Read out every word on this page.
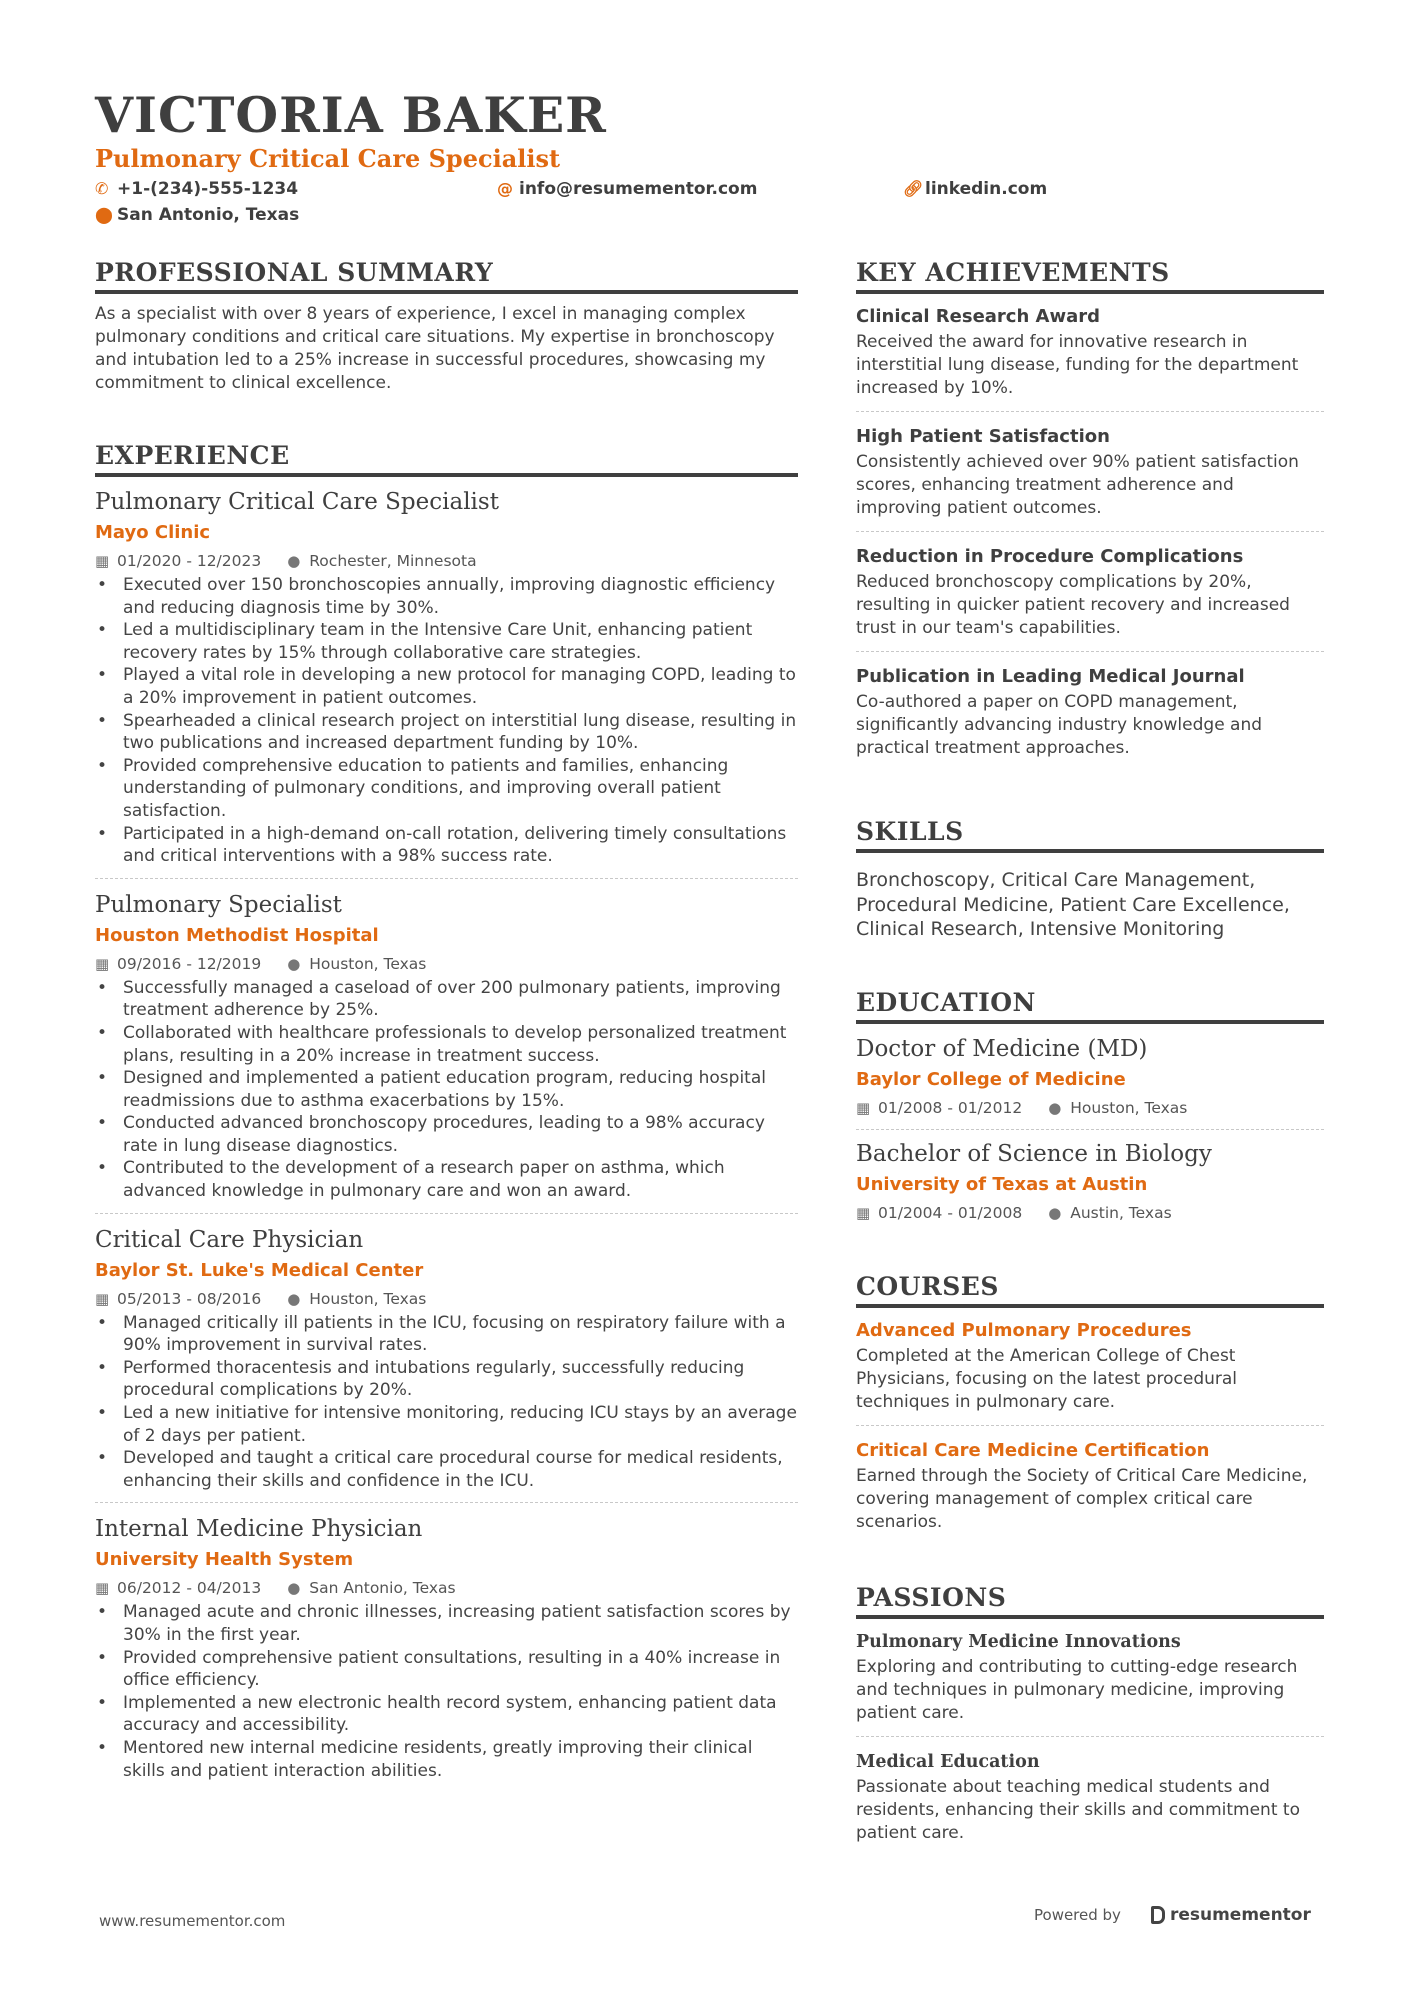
VICTORIA BAKER
Pulmonary Critical Care Specialist
✆ +1-(234)-555-1234	@ info@resumementor.com	🔗︎ linkedin.com
⬤ San Antonio, Texas
PROFESSIONAL SUMMARY
As a specialist with over 8 years of experience, I excel in managing complex pulmonary conditions and critical care situations. My expertise in bronchoscopy and intubation led to a 25% increase in successful procedures, showcasing my commitment to clinical excellence.
EXPERIENCE
Pulmonary Critical Care Specialist
Mayo Clinic
▦ 01/2020 - 12/2023 ● Rochester, Minnesota
• Executed over 150 bronchoscopies annually, improving diagnostic efficiency and reducing diagnosis time by 30%.
• Led a multidisciplinary team in the Intensive Care Unit, enhancing patient recovery rates by 15% through collaborative care strategies.
• Played a vital role in developing a new protocol for managing COPD, leading to a 20% improvement in patient outcomes.
• Spearheaded a clinical research project on interstitial lung disease, resulting in two publications and increased department funding by 10%.
• Provided comprehensive education to patients and families, enhancing understanding of pulmonary conditions, and improving overall patient satisfaction.
• Participated in a high-demand on-call rotation, delivering timely consultations and critical interventions with a 98% success rate.
Pulmonary Specialist
Houston Methodist Hospital
▦ 09/2016 - 12/2019 ● Houston, Texas
• Successfully managed a caseload of over 200 pulmonary patients, improving treatment adherence by 25%.
• Collaborated with healthcare professionals to develop personalized treatment plans, resulting in a 20% increase in treatment success.
• Designed and implemented a patient education program, reducing hospital readmissions due to asthma exacerbations by 15%.
• Conducted advanced bronchoscopy procedures, leading to a 98% accuracy rate in lung disease diagnostics.
• Contributed to the development of a research paper on asthma, which advanced knowledge in pulmonary care and won an award.
Critical Care Physician
Baylor St. Luke's Medical Center
▦ 05/2013 - 08/2016 ● Houston, Texas
• Managed critically ill patients in the ICU, focusing on respiratory failure with a 90% improvement in survival rates.
• Performed thoracentesis and intubations regularly, successfully reducing procedural complications by 20%.
• Led a new initiative for intensive monitoring, reducing ICU stays by an average of 2 days per patient.
• Developed and taught a critical care procedural course for medical residents, enhancing their skills and confidence in the ICU.
Internal Medicine Physician
University Health System
▦ 06/2012 - 04/2013 ● San Antonio, Texas
• Managed acute and chronic illnesses, increasing patient satisfaction scores by 30% in the first year.
• Provided comprehensive patient consultations, resulting in a 40% increase in office efficiency.
• Implemented a new electronic health record system, enhancing patient data accuracy and accessibility.
• Mentored new internal medicine residents, greatly improving their clinical skills and patient interaction abilities.
KEY ACHIEVEMENTS
Clinical Research Award
Received the award for innovative research in interstitial lung disease, funding for the department increased by 10%.
High Patient Satisfaction
Consistently achieved over 90% patient satisfaction scores, enhancing treatment adherence and improving patient outcomes.
Reduction in Procedure Complications
Reduced bronchoscopy complications by 20%, resulting in quicker patient recovery and increased trust in our team's capabilities.
Publication in Leading Medical Journal
Co-authored a paper on COPD management, significantly advancing industry knowledge and practical treatment approaches.
SKILLS
Bronchoscopy, Critical Care Management, Procedural Medicine, Patient Care Excellence, Clinical Research, Intensive Monitoring
EDUCATION
Doctor of Medicine (MD)
Baylor College of Medicine
▦ 01/2008 - 01/2012 ● Houston, Texas
Bachelor of Science in Biology
University of Texas at Austin
▦ 01/2004 - 01/2008 ● Austin, Texas
COURSES
Advanced Pulmonary Procedures
Completed at the American College of Chest Physicians, focusing on the latest procedural techniques in pulmonary care.
Critical Care Medicine Certification
Earned through the Society of Critical Care Medicine, covering management of complex critical care scenarios.
PASSIONS
Pulmonary Medicine Innovations
Exploring and contributing to cutting-edge research and techniques in pulmonary medicine, improving patient care.
Medical Education
Passionate about teaching medical students and residents, enhancing their skills and commitment to patient care.
www.resumementor.com	Powered by	resumementor
